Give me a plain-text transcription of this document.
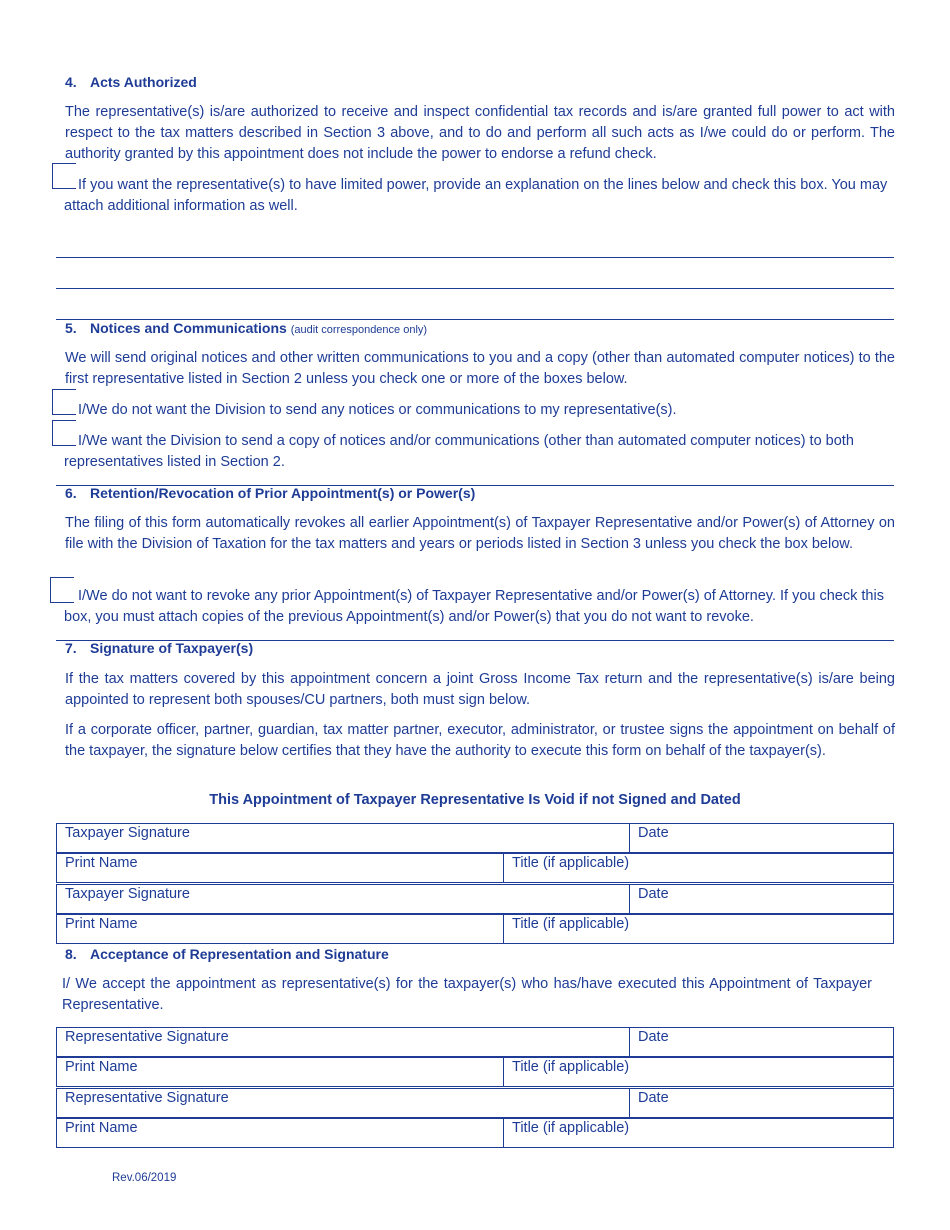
4. Acts Authorized
The representative(s) is/are authorized to receive and inspect confidential tax records and is/are granted full power to act with respect to the tax matters described in Section 3 above, and to do and perform all such acts as I/we could do or perform. The authority granted by this appointment does not include the power to endorse a refund check.
If you want the representative(s) to have limited power, provide an explanation on the lines below and check this box. You may attach additional information as well.
5. Notices and Communications (audit correspondence only)
We will send original notices and other written communications to you and a copy (other than automated computer notices) to the first representative listed in Section 2 unless you check one or more of the boxes below.
I/We do not want the Division to send any notices or communications to my representative(s).
I/We want the Division to send a copy of notices and/or communications (other than automated computer notices) to both representatives listed in Section 2.
6. Retention/Revocation of Prior Appointment(s) or Power(s)
The filing of this form automatically revokes all earlier Appointment(s) of Taxpayer Representative and/or Power(s) of Attorney on file with the Division of Taxation for the tax matters and years or periods listed in Section 3 unless you check the box below.
I/We do not want to revoke any prior Appointment(s) of Taxpayer Representative and/or Power(s) of Attorney. If you check this box, you must attach copies of the previous Appointment(s) and/or Power(s) that you do not want to revoke.
7. Signature of Taxpayer(s)
If the tax matters covered by this appointment concern a joint Gross Income Tax return and the representative(s) is/are being appointed to represent both spouses/CU partners, both must sign below.
If a corporate officer, partner, guardian, tax matter partner, executor, administrator, or trustee signs the appointment on behalf of the taxpayer, the signature below certifies that they have the authority to execute this form on behalf of the taxpayer(s).
This Appointment of Taxpayer Representative Is Void if not Signed and Dated
Taxpayer Signature	Date
Print Name	Title (if applicable)
Taxpayer Signature	Date
Print Name	Title (if applicable)
8. Acceptance of Representation and Signature
I/ We accept the appointment as representative(s) for the taxpayer(s) who has/have executed this Appointment of Taxpayer Representative.
Representative Signature	Date
Print Name	Title (if applicable)
Representative Signature	Date
Print Name	Title (if applicable)
Rev.06/2019
